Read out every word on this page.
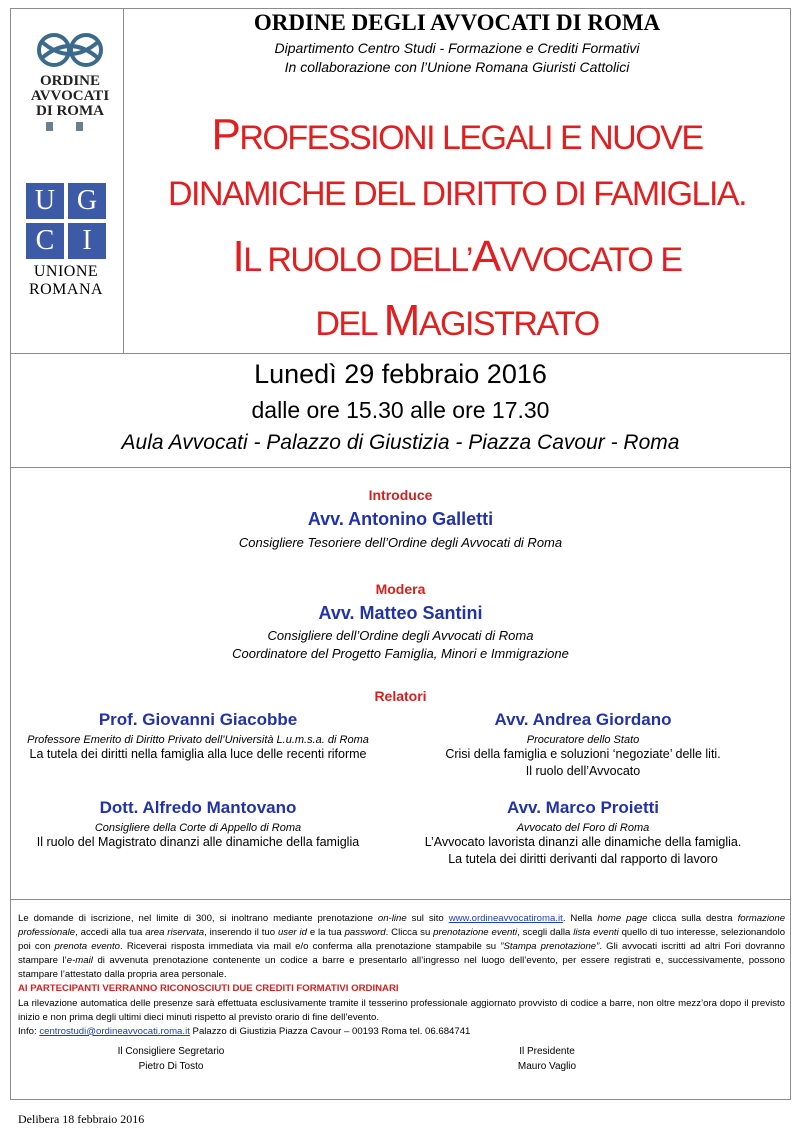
ORDINE DEGLI AVVOCATI DI ROMA
Dipartimento Centro Studi - Formazione e Crediti Formativi
In collaborazione con l’Unione Romana Giuristi Cattolici
ORDINE
AVVOCATI
DI ROMA
U G
C I
UNIONE
ROMANA
PROFESSIONI LEGALI E NUOVE
DINAMICHE DEL DIRITTO DI FAMIGLIA.
IL RUOLO DELL’AVVOCATO E
DEL MAGISTRATO
Lunedì 29 febbraio 2016
dalle ore 15.30 alle ore 17.30
Aula Avvocati - Palazzo di Giustizia - Piazza Cavour - Roma
Introduce
Avv. Antonino Galletti
Consigliere Tesoriere dell’Ordine degli Avvocati di Roma
Modera
Avv. Matteo Santini
Consigliere dell’Ordine degli Avvocati di Roma
Coordinatore del Progetto Famiglia, Minori e Immigrazione
Relatori
Prof. Giovanni Giacobbe
Professore Emerito di Diritto Privato dell’Università L.u.m.s.a. di Roma
La tutela dei diritti nella famiglia alla luce delle recenti riforme
Avv. Andrea Giordano
Procuratore dello Stato
Crisi della famiglia e soluzioni ‘negoziate’ delle liti.
Il ruolo dell’Avvocato
Dott. Alfredo Mantovano
Consigliere della Corte di Appello di Roma
Il ruolo del Magistrato dinanzi alle dinamiche della famiglia
Avv. Marco Proietti
Avvocato del Foro di Roma
L’Avvocato lavorista dinanzi alle dinamiche della famiglia.
La tutela dei diritti derivanti dal rapporto di lavoro
Le domande di iscrizione, nel limite di 300, si inoltrano mediante prenotazione on-line sul sito www.ordineavvocatiroma.it. Nella home page clicca sulla destra formazione professionale, accedi alla tua area riservata, inserendo il tuo user id e la tua password. Clicca su prenotazione eventi, scegli dalla lista eventi quello di tuo interesse, selezionandolo poi con prenota evento. Riceverai risposta immediata via mail e/o conferma alla prenotazione stampabile su ”Stampa prenotazione”. Gli avvocati iscritti ad altri Fori dovranno stampare l’e-mail di avvenuta prenotazione contenente un codice a barre e presentarlo all’ingresso nel luogo dell’evento, per essere registrati e, successivamente, possono stampare l’attestato dalla propria area personale.
AI PARTECIPANTI VERRANNO RICONOSCIUTI DUE CREDITI FORMATIVI ORDINARI
La rilevazione automatica delle presenze sarà effettuata esclusivamente tramite il tesserino professionale aggiornato provvisto di codice a barre, non oltre mezz’ora dopo il previsto inizio e non prima degli ultimi dieci minuti rispetto al previsto orario di fine dell’evento.
Info: centrostudi@ordineavvocati.roma.it Palazzo di Giustizia Piazza Cavour – 00193 Roma tel. 06.684741
Il Consigliere Segretario
Pietro Di Tosto
Il Presidente
Mauro Vaglio
Delibera 18 febbraio 2016
